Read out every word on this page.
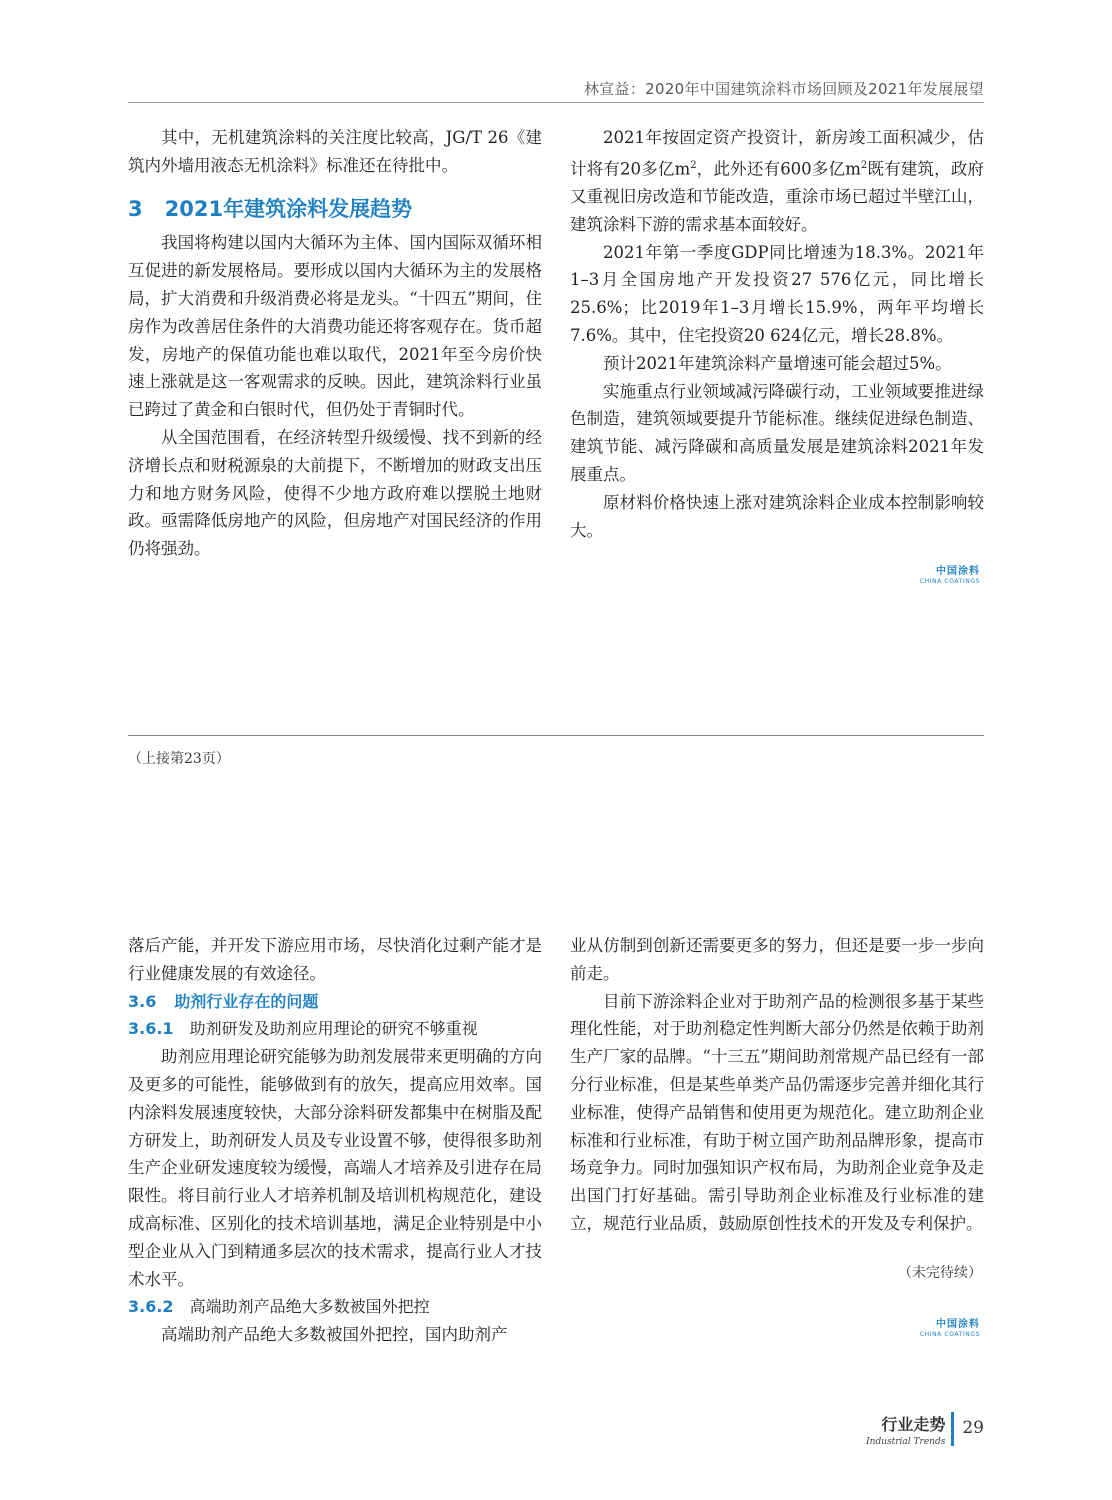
林宣益：2020年中国建筑涂料市场回顾及2021年发展展望

其中，无机建筑涂料的关注度比较高，JG/T 26《建筑内外墙用液态无机涂料》标准还在待批中。

3 2021年建筑涂料发展趋势

我国将构建以国内大循环为主体、国内国际双循环相互促进的新发展格局。要形成以国内大循环为主的发展格局，扩大消费和升级消费必将是龙头。“十四五”期间，住房作为改善居住条件的大消费功能还将客观存在。货币超发，房地产的保值功能也难以取代，2021年至今房价快速上涨就是这一客观需求的反映。因此，建筑涂料行业虽已跨过了黄金和白银时代，但仍处于青铜时代。

从全国范围看，在经济转型升级缓慢、找不到新的经济增长点和财税源泉的大前提下，不断增加的财政支出压力和地方财务风险，使得不少地方政府难以摆脱土地财政。亟需降低房地产的风险，但房地产对国民经济的作用仍将强劲。

2021年按固定资产投资计，新房竣工面积减少，估计将有20多亿$m^2$，此外还有600多亿$m^2$既有建筑，政府又重视旧房改造和节能改造，重涂市场已超过半壁江山，建筑涂料下游的需求基本面较好。

2021年第一季度GDP同比增速为18.3%。2021年1–3月全国房地产开发投资27 576亿元，同比增长25.6%；比2019年1–3月增长15.9%，两年平均增长7.6%。其中，住宅投资20 624亿元，增长28.8%。

预计2021年建筑涂料产量增速可能会超过5%。

实施重点行业领域减污降碳行动，工业领域要推进绿色制造，建筑领域要提升节能标准。继续促进绿色制造、建筑节能、减污降碳和高质量发展是建筑涂料2021年发展重点。

原材料价格快速上涨对建筑涂料企业成本控制影响较大。

中国涂料
CHINA COATINGS
（上接第23页）

落后产能，并开发下游应用市场，尽快消化过剩产能才是行业健康发展的有效途径。

3.6 助剂行业存在的问题
3.6.1 助剂研发及助剂应用理论的研究不够重视

助剂应用理论研究能够为助剂发展带来更明确的方向及更多的可能性，能够做到有的放矢，提高应用效率。国内涂料发展速度较快，大部分涂料研发都集中在树脂及配方研发上，助剂研发人员及专业设置不够，使得很多助剂生产企业研发速度较为缓慢，高端人才培养及引进存在局限性。将目前行业人才培养机制及培训机构规范化，建设成高标准、区别化的技术培训基地，满足企业特别是中小型企业从入门到精通多层次的技术需求，提高行业人才技术水平。

3.6.2 高端助剂产品绝大多数被国外把控

高端助剂产品绝大多数被国外把控，国内助剂产

业从仿制到创新还需要更多的努力，但还是要一步一步向前走。

目前下游涂料企业对于助剂产品的检测很多基于某些理化性能，对于助剂稳定性判断大部分仍然是依赖于助剂生产厂家的品牌。“十三五”期间助剂常规产品已经有一部分行业标准，但是某些单类产品仍需逐步完善并细化其行业标准，使得产品销售和使用更为规范化。建立助剂企业标准和行业标准，有助于树立国产助剂品牌形象，提高市场竞争力。同时加强知识产权布局，为助剂企业竞争及走出国门打好基础。需引导助剂企业标准及行业标准的建立，规范行业品质，鼓励原创性技术的开发及专利保护。

（未完待续）
中国涂料
CHINA COATINGS
行业走势
Industrial Trends
29
